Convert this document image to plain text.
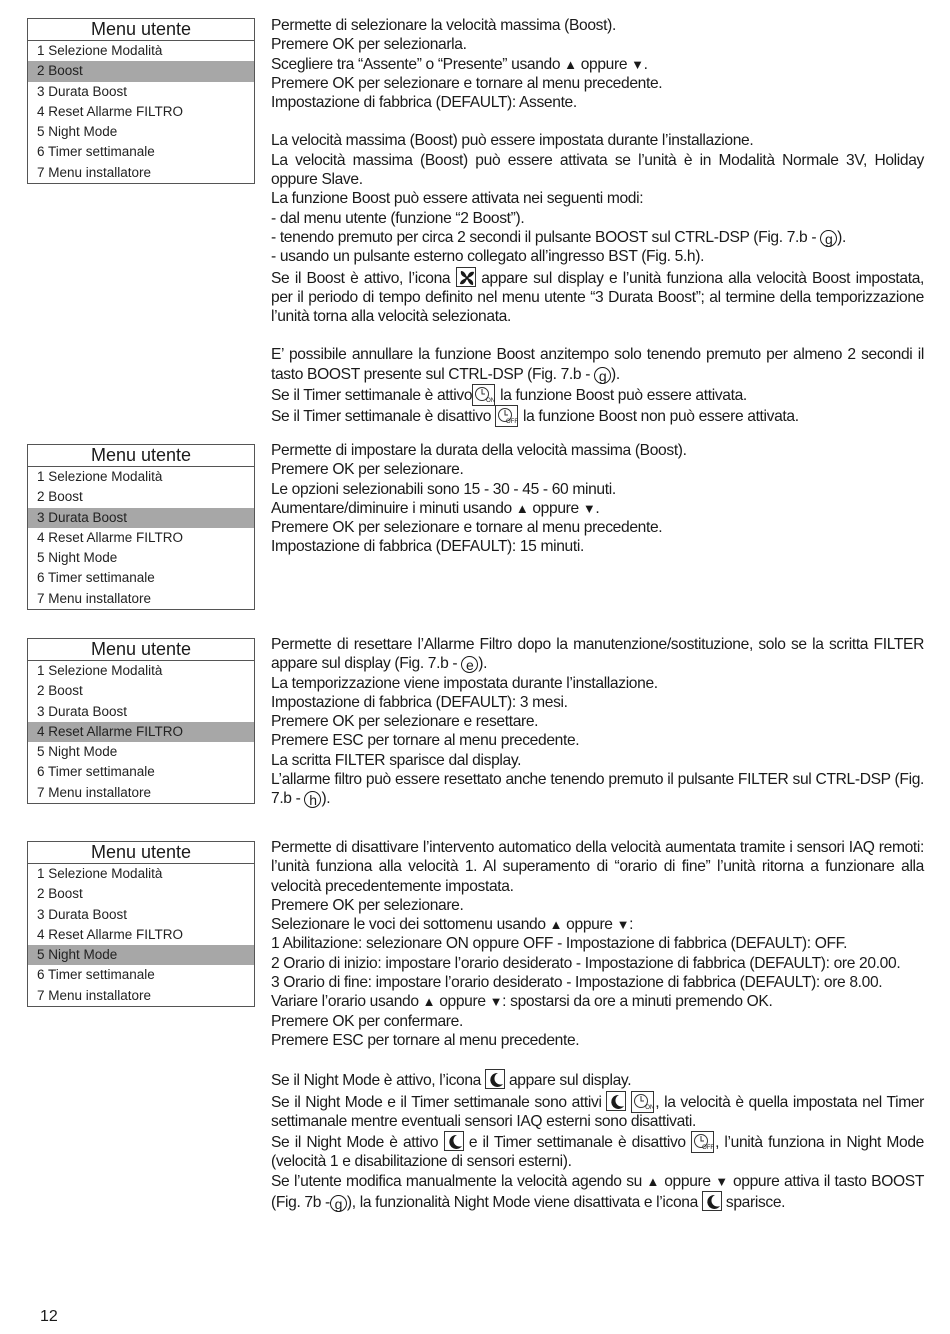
Menu utente
1 Selezione Modalità
2 Boost
3 Durata Boost
4 Reset Allarme FILTRO
5 Night Mode
6 Timer settimanale
7 Menu installatore
Menu utente
1 Selezione Modalità
2 Boost
3 Durata Boost
4 Reset Allarme FILTRO
5 Night Mode
6 Timer settimanale
7 Menu installatore
Menu utente
1 Selezione Modalità
2 Boost
3 Durata Boost
4 Reset Allarme FILTRO
5 Night Mode
6 Timer settimanale
7 Menu installatore
Menu utente
1 Selezione Modalità
2 Boost
3 Durata Boost
4 Reset Allarme FILTRO
5 Night Mode
6 Timer settimanale
7 Menu installatore

Permette di selezionare la velocità massima (Boost).

Premere OK per selezionarla.

Scegliere tra “Assente” o “Presente” usando ▲ oppure ▼.

Premere OK per selezionare e tornare al menu precedente.

Impostazione di fabbrica (DEFAULT): Assente.

La velocità massima (Boost) può essere impostata durante l’installazione.

La velocità massima (Boost) può essere attivata se l’unità è in Modalità Normale 3V, Holiday oppure Slave.

La funzione Boost può essere attivata nei seguenti modi:

- dal menu utente (funzione “2 Boost”).

- tenendo premuto per circa 2 secondi il pulsante BOOST sul CTRL-DSP (Fig. 7.b - g ).

- usando un pulsante esterno collegato all’ingresso BST (Fig. 5.h).

Se il Boost è attivo, l’icona appare sul display e l’unità funziona alla velocità Boost impostata, per il periodo di tempo definito nel menu utente “3 Durata Boost”; al termine della temporizzazione l’unità torna alla velocità selezionata.

E’ possibile annullare la funzione Boost anzitempo solo tenendo premuto per almeno 2 secondi il tasto BOOST presente sul CTRL-DSP (Fig. 7.b - g ).

Se il Timer settimanale è attivo ON la funzione Boost può essere attivata.

Se il Timer settimanale è disattivo OFF la funzione Boost non può essere attivata.

Permette di impostare la durata della velocità massima (Boost).

Premere OK per selezionare.

Le opzioni selezionabili sono 15 - 30 - 45 - 60 minuti.

Aumentare/diminuire i minuti usando ▲ oppure ▼.

Premere OK per selezionare e tornare al menu precedente.

Impostazione di fabbrica (DEFAULT): 15 minuti.

Permette di resettare l’Allarme Filtro dopo la manutenzione/sostituzione, solo se la scritta FILTER appare sul display (Fig. 7.b - e ).

La temporizzazione viene impostata durante l’installazione.

Impostazione di fabbrica (DEFAULT): 3 mesi.

Premere OK per selezionare e resettare.

Premere ESC per tornare al menu precedente.

La scritta FILTER sparisce dal display.

L’allarme filtro può essere resettato anche tenendo premuto il pulsante FILTER sul CTRL-DSP (Fig. 7.b - h ).

Permette di disattivare l’intervento automatico della velocità aumentata tramite i sensori IAQ remoti: l’unità funziona alla velocità 1. Al superamento di “orario di fine” l’unità ritorna a funzionare alla velocità precedentemente impostata.

Premere OK per selezionare.

Selezionare le voci dei sottomenu usando ▲ oppure ▼:

1 Abilitazione: selezionare ON oppure OFF - Impostazione di fabbrica (DEFAULT): OFF.

2 Orario di inizio: impostare l’orario desiderato - Impostazione di fabbrica (DEFAULT): ore 20.00.

3 Orario di fine: impostare l’orario desiderato - Impostazione di fabbrica (DEFAULT): ore 8.00.

Variare l’orario usando ▲ oppure ▼: spostarsi da ore a minuti premendo OK.

Premere OK per confermare.

Premere ESC per tornare al menu precedente.

Se il Night Mode è attivo, l’icona appare sul display.

Se il Night Mode e il Timer settimanale sono attivi
	ON , la velocità è quella impostata nel Timer settimanale mentre eventuali sensori IAQ esterni sono disattivati.

Se il Night Mode è attivo e il Timer settimanale è disattivo	OFF , l’unità funziona in Night Mode (velocità 1 e disabilitazione di sensori esterni).

Se l’utente modifica manualmente la velocità agendo su ▲ oppure ▼ oppure attiva il tasto BOOST (Fig. 7b - g ), la funzionalità Night Mode viene disattivata e l’icona sparisce.

12
